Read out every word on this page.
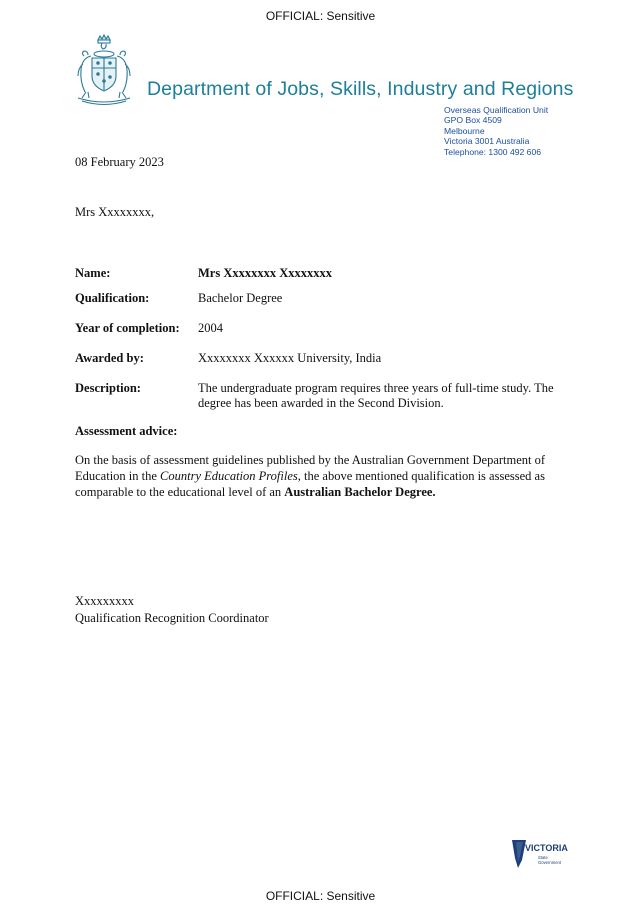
OFFICIAL: Sensitive
Department of Jobs, Skills, Industry and Regions
Overseas Qualification Unit
GPO Box 4509
Melbourne
Victoria 3001 Australia
Telephone: 1300 492 606
08 February 2023
Mrs Xxxxxxxx,
Name:	Mrs Xxxxxxxx Xxxxxxxx
Qualification:	Bachelor Degree
Year of completion: 2004
Awarded by:	Xxxxxxxx Xxxxxx University, India
Description:	The undergraduate program requires three years of full-time study. The degree has been awarded in the Second Division.
Assessment advice:
On the basis of assessment guidelines published by the Australian Government Department of Education in the Country Education Profiles, the above mentioned qualification is assessed as comparable to the educational level of an Australian Bachelor Degree.
Xxxxxxxxx
Qualification Recognition Coordinator
VICTORIA
State
Government
OFFICIAL: Sensitive
